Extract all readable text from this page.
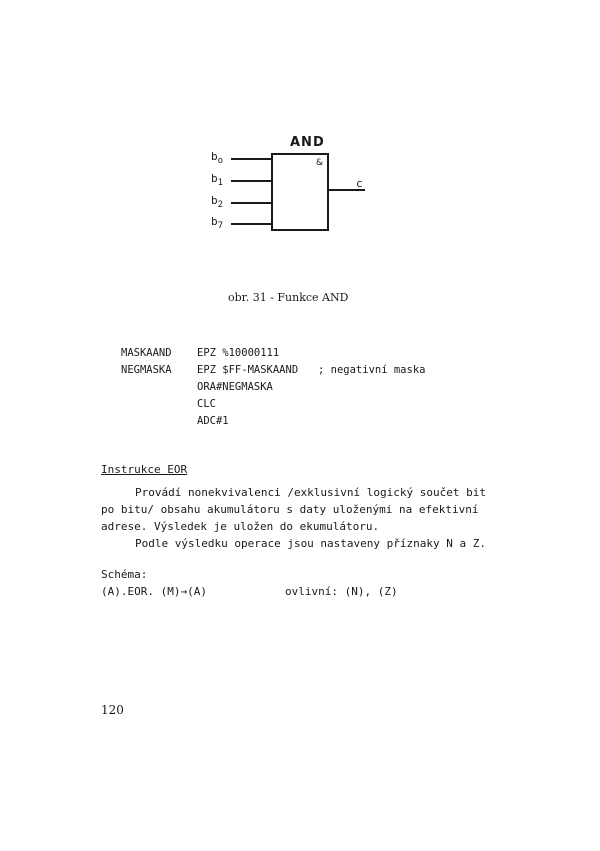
AND
&
$b_o$
$b_1$
$b_2$
$b_7$
c
obr. 31 - Funkce AND
MASKAAND EPZ %10000111
NEGMASKA EPZ $FF-MASKAAND ; negativní maska
ORA#NEGMASKA
CLC
ADC#1
Instrukce EOR
Provádí nonekvivalenci /exklusivní logický součet bit
po bitu/ obsahu akumulátoru s daty uloženými na efektivní
adrese. Výsledek je uložen do ekumulátoru.
Podle výsledku operace jsou nastaveny příznaky N a Z.
Schéma:
(A).EOR. (M)→(A)	ovlivní: (N), (Z)
120
